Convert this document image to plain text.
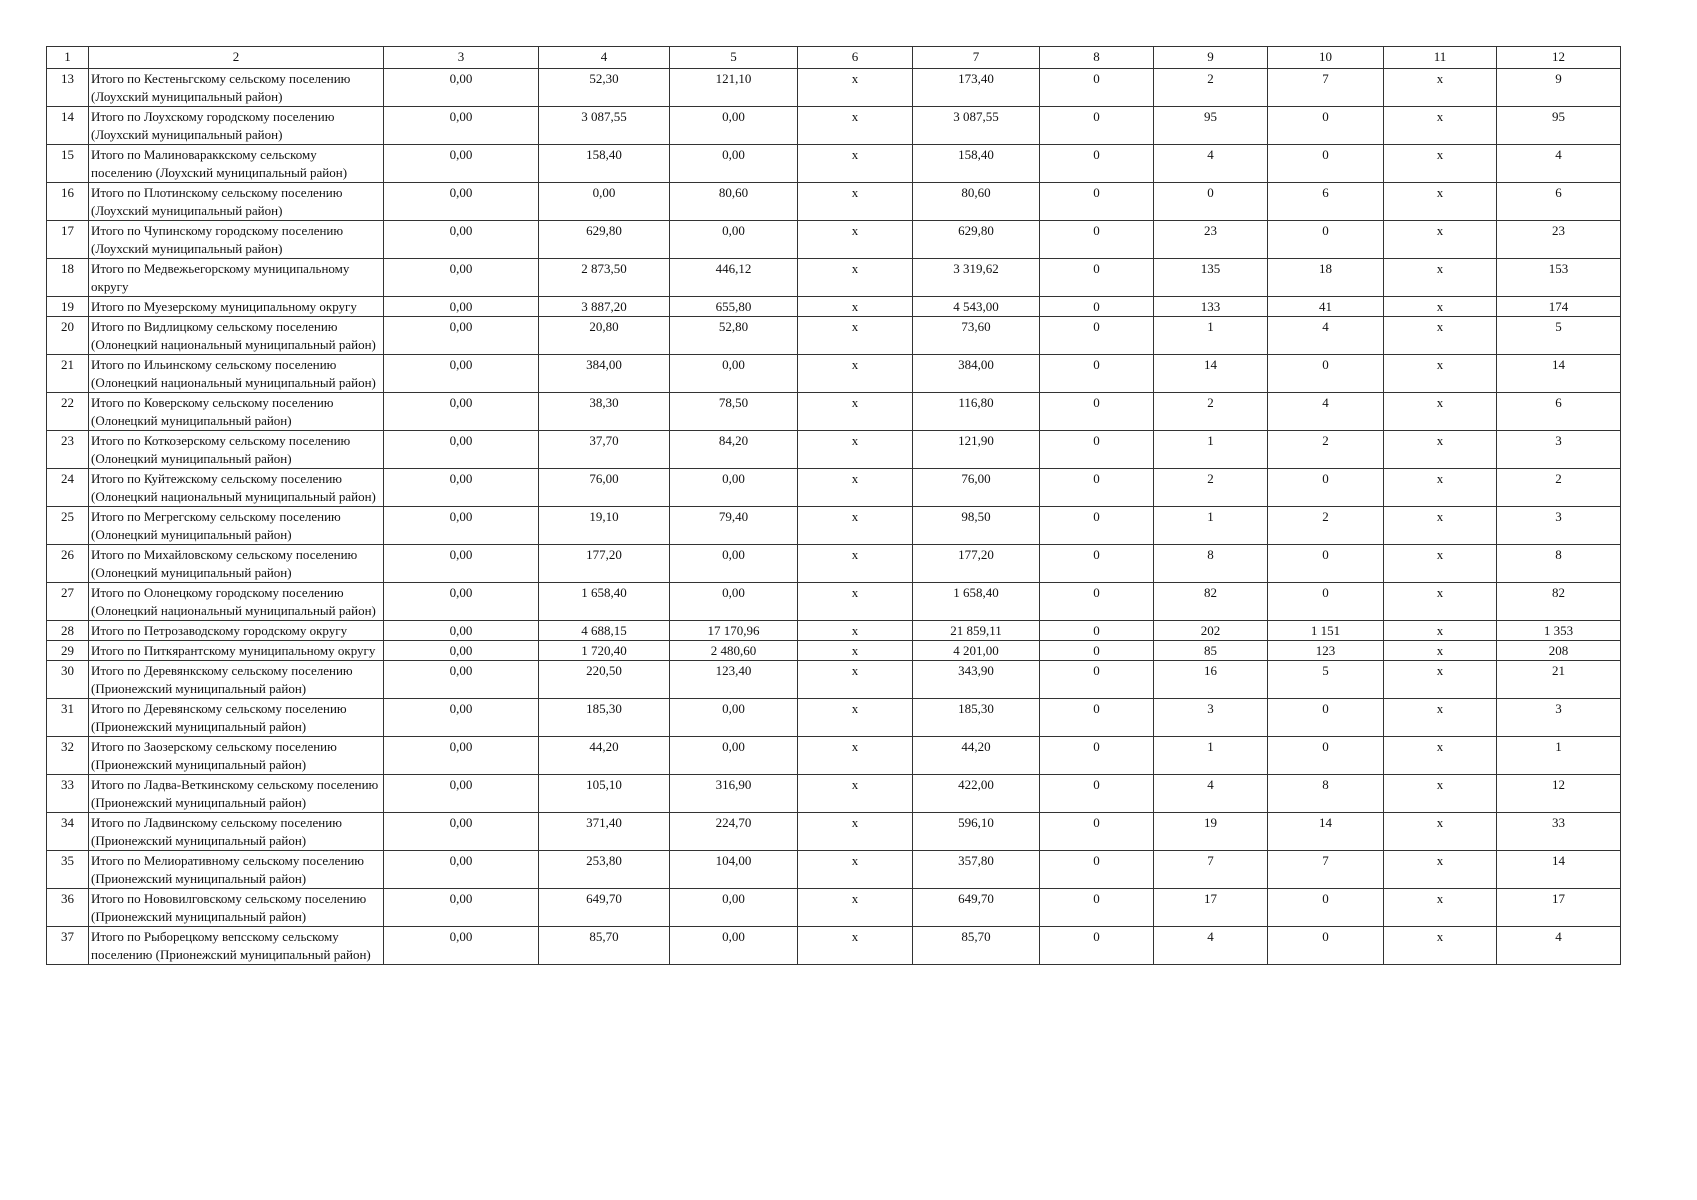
1	2	3	4	5	6	7	8	9	10	11	12
13	Итого по Кестеньгскому сельскому поселению (Лоухский муниципальный район)	0,00	52,30	121,10	x	173,40	0	2	7	x	9
14	Итого по Лоухскому городскому поселению (Лоухский муниципальный район)	0,00	3 087,55	0,00	x	3 087,55	0	95	0	x	95
15	Итого по Малиновараккскому сельскому поселению (Лоухский муниципальный район)	0,00	158,40	0,00	x	158,40	0	4	0	x	4
16	Итого по Плотинскому сельскому поселению (Лоухский муниципальный район)	0,00	0,00	80,60	x	80,60	0	0	6	x	6
17	Итого по Чупинскому городскому поселению (Лоухский муниципальный район)	0,00	629,80	0,00	x	629,80	0	23	0	x	23
18	Итого по Медвежьегорскому муниципальному округу	0,00	2 873,50	446,12	x	3 319,62	0	135	18	x	153
19	Итого по Муезерскому муниципальному округу	0,00	3 887,20	655,80	x	4 543,00	0	133	41	x	174
20	Итого по Видлицкому сельскому поселению (Олонецкий национальный муниципальный район)	0,00	20,80	52,80	x	73,60	0	1	4	x	5
21	Итого по Ильинскому сельскому поселению (Олонецкий национальный муниципальный район)	0,00	384,00	0,00	x	384,00	0	14	0	x	14
22	Итого по Коверскому сельскому поселению (Олонецкий муниципальный район)	0,00	38,30	78,50	x	116,80	0	2	4	x	6
23	Итого по Коткозерскому сельскому поселению (Олонецкий муниципальный район)	0,00	37,70	84,20	x	121,90	0	1	2	x	3
24	Итого по Куйтежскому сельскому поселению (Олонецкий национальный муниципальный район)	0,00	76,00	0,00	x	76,00	0	2	0	x	2
25	Итого по Мегрегскому сельскому поселению (Олонецкий муниципальный район)	0,00	19,10	79,40	x	98,50	0	1	2	x	3
26	Итого по Михайловскому сельскому поселению (Олонецкий муниципальный район)	0,00	177,20	0,00	x	177,20	0	8	0	x	8
27	Итого по Олонецкому городскому поселению (Олонецкий национальный муниципальный район)	0,00	1 658,40	0,00	x	1 658,40	0	82	0	x	82
28	Итого по Петрозаводскому городскому округу	0,00	4 688,15	17 170,96	x	21 859,11	0	202	1 151	x	1 353
29	Итого по Питкярантскому муниципальному округу	0,00	1 720,40	2 480,60	x	4 201,00	0	85	123	x	208
30	Итого по Деревянкскому сельскому поселению (Прионежский муниципальный район)	0,00	220,50	123,40	x	343,90	0	16	5	x	21
31	Итого по Деревянскому сельскому поселению (Прионежский муниципальный район)	0,00	185,30	0,00	x	185,30	0	3	0	x	3
32	Итого по Заозерскому сельскому поселению (Прионежский муниципальный район)	0,00	44,20	0,00	x	44,20	0	1	0	x	1
33	Итого по Ладва-Веткинскому сельскому поселению (Прионежский муниципальный район)	0,00	105,10	316,90	x	422,00	0	4	8	x	12
34	Итого по Ладвинскому сельскому поселению (Прионежский муниципальный район)	0,00	371,40	224,70	x	596,10	0	19	14	x	33
35	Итого по Мелиоративному сельскому поселению (Прионежский муниципальный район)	0,00	253,80	104,00	x	357,80	0	7	7	x	14
36	Итого по Нововилговскому сельскому поселению (Прионежский муниципальный район)	0,00	649,70	0,00	x	649,70	0	17	0	x	17
37	Итого по Рыборецкому вепсскому сельскому поселению (Прионежский муниципальный район)	0,00	85,70	0,00	x	85,70	0	4	0	x	4
